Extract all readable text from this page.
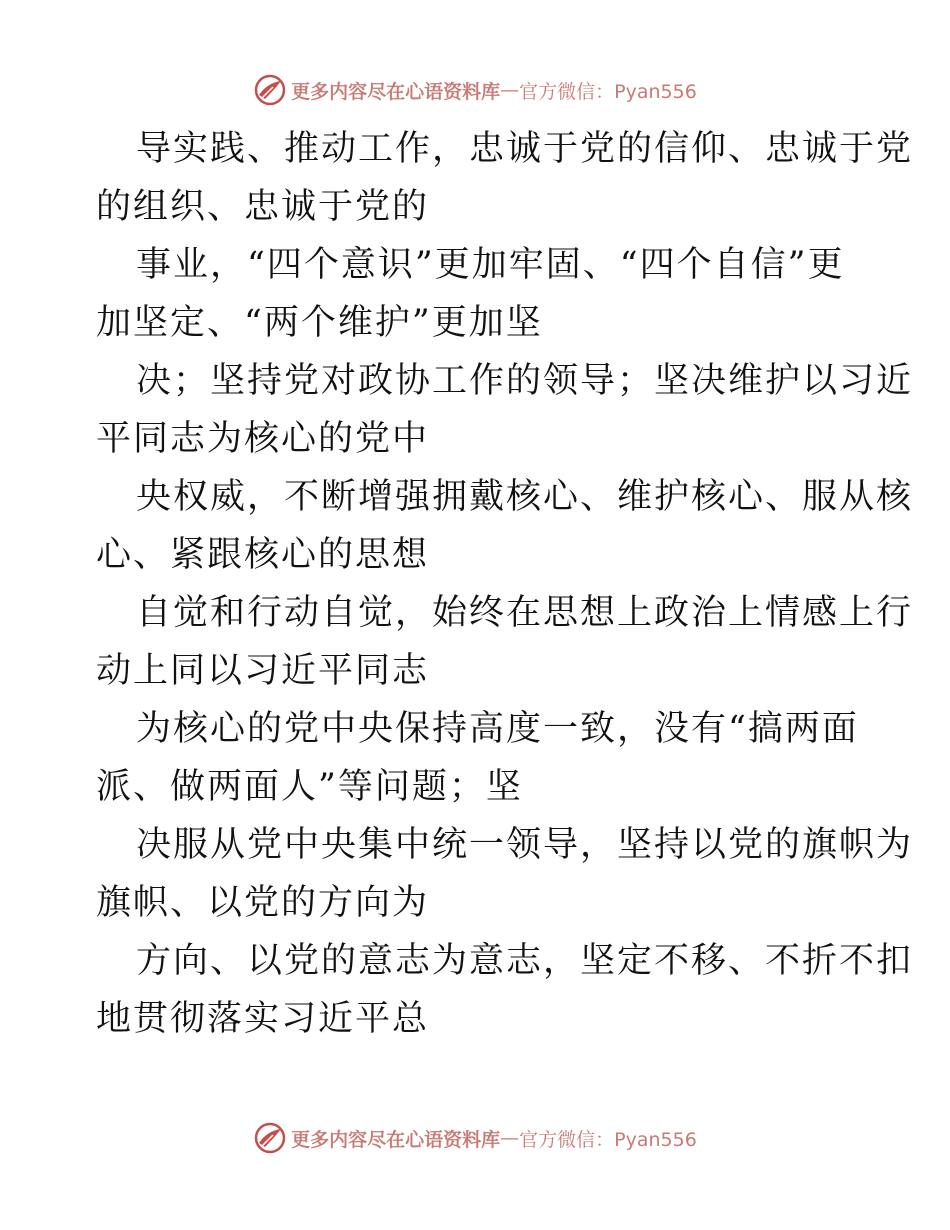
更多内容尽在心语资料库 — 官方微信：Pyan556
导实践、推动工作，忠诚于党的信仰、忠诚于党
的组织、忠诚于党的
事业，“四个意识”更加牢固、“四个自信”更
加坚定、“两个维护”更加坚
决；坚持党对政协工作的领导；坚决维护以习近
平同志为核心的党中
央权威，不断增强拥戴核心、维护核心、服从核
心、紧跟核心的思想
自觉和行动自觉，始终在思想上政治上情感上行
动上同以习近平同志
为核心的党中央保持高度一致，没有“搞两面
派、做两面人”等问题；坚
决服从党中央集中统一领导，坚持以党的旗帜为
旗帜、以党的方向为
方向、以党的意志为意志，坚定不移、不折不扣
地贯彻落实习近平总
更多内容尽在心语资料库 — 官方微信：Pyan556
